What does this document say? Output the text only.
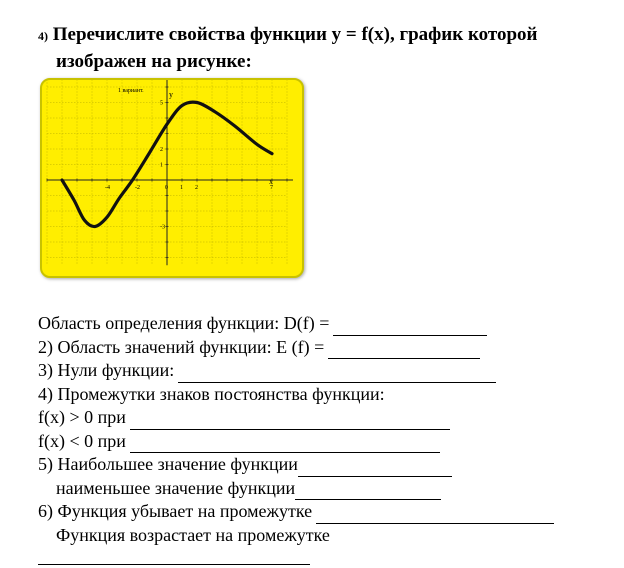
4) Перечислите свойства функции y = f(x), график которой
изображен на рисунке:
-4	-2	0 1 2	7
5
2
1
-3
1 вариант.	y
x
Область определения функции: D(f) =
2) Область значений функции: E (f) =
3) Нули функции:
4) Промежутки знаков постоянства функции:
f(x) > 0 при
f(x) < 0 при
5) Наибольшее значение функции
наименьшее значение функции
6) Функция убывает на промежутке
Функция возрастает на промежутке
